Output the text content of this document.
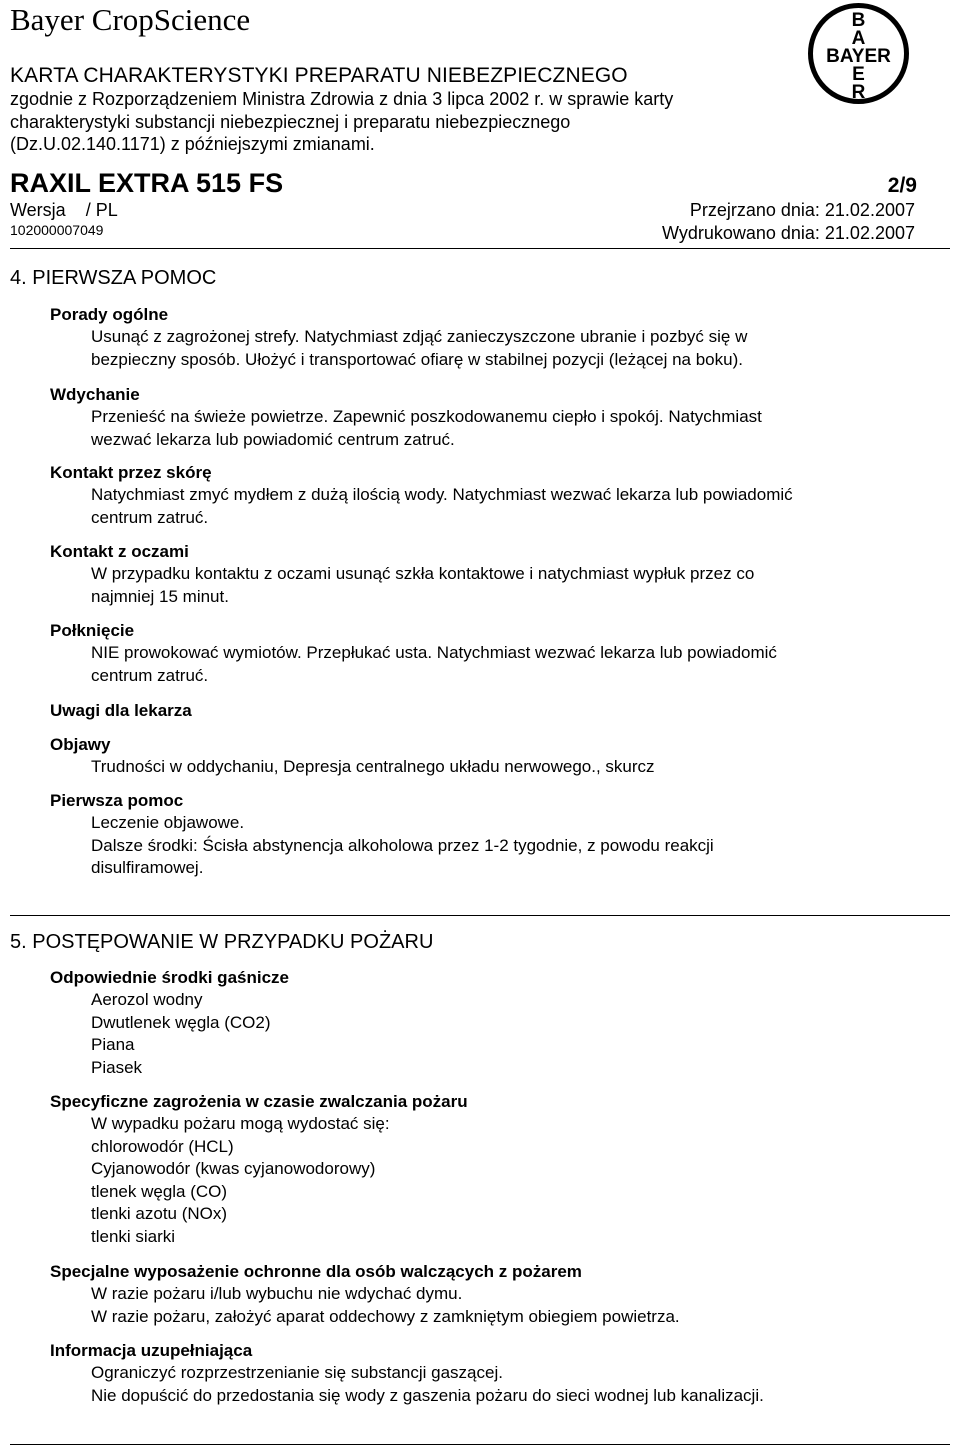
Bayer CropScience
KARTA CHARAKTERYSTYKI PREPARATU NIEBEZPIECZNEGO
zgodnie z Rozporządzeniem Ministra Zdrowia z dnia 3 lipca 2002 r. w sprawie karty
charakterystyki substancji niebezpiecznej i preparatu niebezpiecznego
(Dz.U.02.140.1171) z późniejszymi zmianami.
B
A
BAYER
E
R
RAXIL EXTRA 515 FS	2/9
Wersja / PL
102000007049
Przejrzano dnia: 21.02.2007
Wydrukowano dnia: 21.02.2007
4. PIERWSZA POMOC
Porady ogólne
Usunąć z zagrożonej strefy. Natychmiast zdjąć zanieczyszczone ubranie i pozbyć się w
bezpieczny sposób. Ułożyć i transportować ofiarę w stabilnej pozycji (leżącej na boku).
Wdychanie
Przenieść na świeże powietrze. Zapewnić poszkodowanemu ciepło i spokój. Natychmiast
wezwać lekarza lub powiadomić centrum zatruć.
Kontakt przez skórę
Natychmiast zmyć mydłem z dużą ilością wody. Natychmiast wezwać lekarza lub powiadomić
centrum zatruć.
Kontakt z oczami
W przypadku kontaktu z oczami usunąć szkła kontaktowe i natychmiast wypłuk przez co
najmniej 15 minut.
Połknięcie
NIE prowokować wymiotów. Przepłukać usta. Natychmiast wezwać lekarza lub powiadomić
centrum zatruć.
Uwagi dla lekarza
Objawy
Trudności w oddychaniu, Depresja centralnego układu nerwowego., skurcz
Pierwsza pomoc
Leczenie objawowe.
Dalsze środki: Ścisła abstynencja alkoholowa przez 1-2 tygodnie, z powodu reakcji
disulfiramowej.
5. POSTĘPOWANIE W PRZYPADKU POŻARU
Odpowiednie środki gaśnicze
Aerozol wodny
Dwutlenek węgla (CO2)
Piana
Piasek
Specyficzne zagrożenia w czasie zwalczania pożaru
W wypadku pożaru mogą wydostać się:
chlorowodór (HCL)
Cyjanowodór (kwas cyjanowodorowy)
tlenek węgla (CO)
tlenki azotu (NOx)
tlenki siarki
Specjalne wyposażenie ochronne dla osób walczących z pożarem
W razie pożaru i/lub wybuchu nie wdychać dymu.
W razie pożaru, założyć aparat oddechowy z zamkniętym obiegiem powietrza.
Informacja uzupełniająca
Ograniczyć rozprzestrzenianie się substancji gaszącej.
Nie dopuścić do przedostania się wody z gaszenia pożaru do sieci wodnej lub kanalizacji.
